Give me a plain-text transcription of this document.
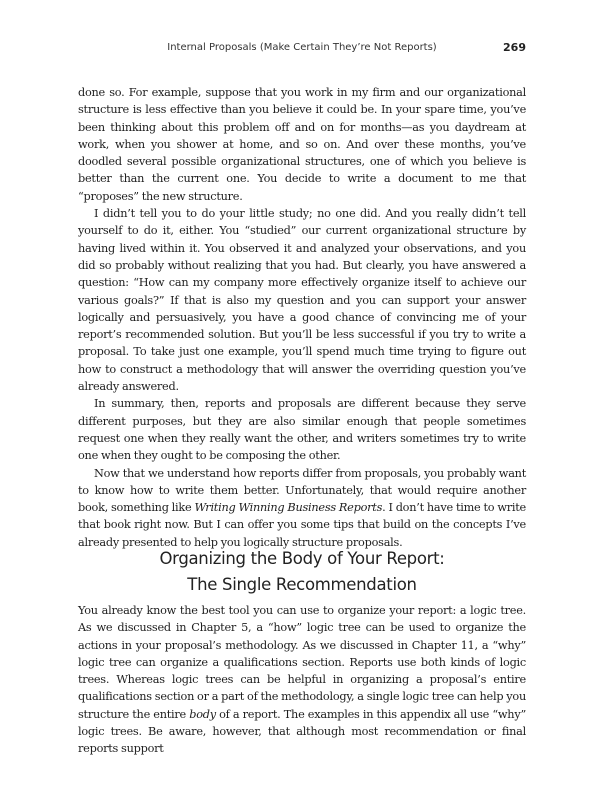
Internal Proposals (Make Certain They’re Not Reports)	269

done so. For example, suppose that you work in my firm and our organizational structure is less effective than you believe it could be. In your spare time, you’ve been thinking about this problem off and on for months—as you daydream at work, when you shower at home, and so on. And over these months, you’ve doodled several possible organizational structures, one of which you believe is better than the current one. You decide to write a document to me that “proposes” the new structure.

I didn’t tell you to do your little study; no one did. And you really didn’t tell yourself to do it, either. You “studied” our current organizational structure by having lived within it. You observed it and analyzed your observations, and you did so probably without realizing that you had. But clearly, you have answered a question: “How can my company more effectively organize itself to achieve our various goals?” If that is also my question and you can support your answer logically and persuasively, you have a good chance of convincing me of your report’s recommended solution. But you’ll be less successful if you try to write a proposal. To take just one example, you’ll spend much time trying to figure out how to construct a methodology that will answer the overriding question you’ve already answered.

In summary, then, reports and proposals are different because they serve different purposes, but they are also similar enough that people sometimes request one when they really want the other, and writers sometimes try to write one when they ought to be composing the other.

Now that we understand how reports differ from proposals, you probably want to know how to write them better. Unfortunately, that would require another book, something like Writing Winning Business Reports. I don’t have time to write that book right now. But I can offer you some tips that build on the concepts I’ve already presented to help you logically structure proposals.

Organizing the Body of Your Report:
The Single Recommendation

You already know the best tool you can use to organize your report: a logic tree. As we discussed in Chapter 5, a “how” logic tree can be used to organize the actions in your proposal’s methodology. As we discussed in Chapter 11, a “why” logic tree can organize a qualifications section. Reports use both kinds of logic trees. Whereas logic trees can be helpful in organizing a proposal’s entire qualifications section or a part of the methodology, a single logic tree can help you structure the entire body of a report. The examples in this appendix all use “why” logic trees. Be aware, however, that although most recommendation or final reports support
